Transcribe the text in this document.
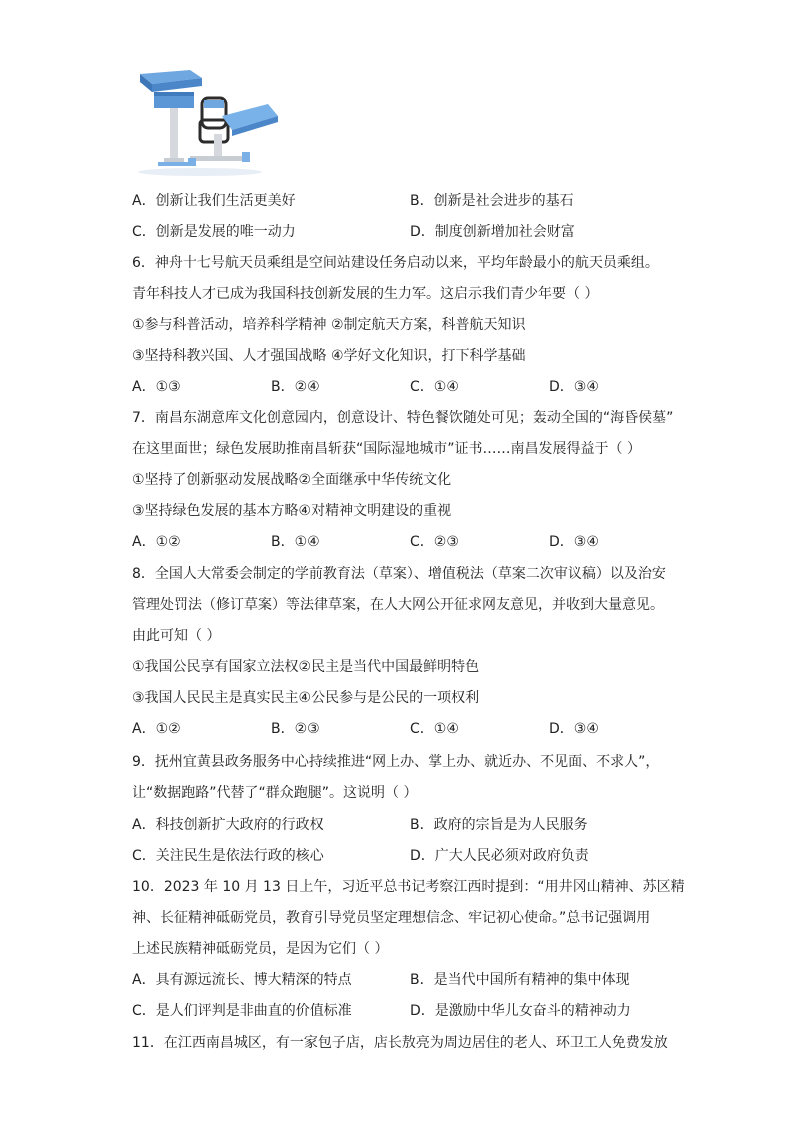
A．创新让我们生活更美好	B．创新是社会进步的基石
C．创新是发展的唯一动力	D．制度创新增加社会财富
6．神舟十七号航天员乘组是空间站建设任务启动以来，平均年龄最小的航天员乘组。
青年科技人才已成为我国科技创新发展的生力军。这启示我们青少年要（ ）
①参与科普活动，培养科学精神 ②制定航天方案，科普航天知识
③坚持科教兴国、人才强国战略 ④学好文化知识，打下科学基础
A．①③	B．②④	C．①④	D．③④
7．南昌东湖意库文化创意园内，创意设计、特色餐饮随处可见；轰动全国的“海昏侯墓”
在这里面世；绿色发展助推南昌斩获“国际湿地城市”证书……南昌发展得益于（ ）
①坚持了创新驱动发展战略②全面继承中华传统文化
③坚持绿色发展的基本方略④对精神文明建设的重视
A．①②	B．①④	C．②③	D．③④
8．全国人大常委会制定的学前教育法（草案）、增值税法（草案二次审议稿）以及治安
管理处罚法（修订草案）等法律草案，在人大网公开征求网友意见，并收到大量意见。
由此可知（ ）
①我国公民享有国家立法权②民主是当代中国最鲜明特色
③我国人民民主是真实民主④公民参与是公民的一项权利
A．①②	B．②③	C．①④	D．③④
9．抚州宜黄县政务服务中心持续推进“网上办、掌上办、就近办、不见面、不求人”，
让“数据跑路”代替了“群众跑腿”。这说明（ ）
A．科技创新扩大政府的行政权	B．政府的宗旨是为人民服务
C．关注民生是依法行政的核心	D．广大人民必须对政府负责
10．2023 年 10 月 13 日上午，习近平总书记考察江西时提到：“用井冈山精神、苏区精
神、长征精神砥砺党员，教育引导党员坚定理想信念、牢记初心使命。”总书记强调用
上述民族精神砥砺党员，是因为它们（ ）
A．具有源远流长、博大精深的特点	B．是当代中国所有精神的集中体现
C．是人们评判是非曲直的价值标准	D．是激励中华儿女奋斗的精神动力
11．在江西南昌城区，有一家包子店，店长敖亮为周边居住的老人、环卫工人免费发放
